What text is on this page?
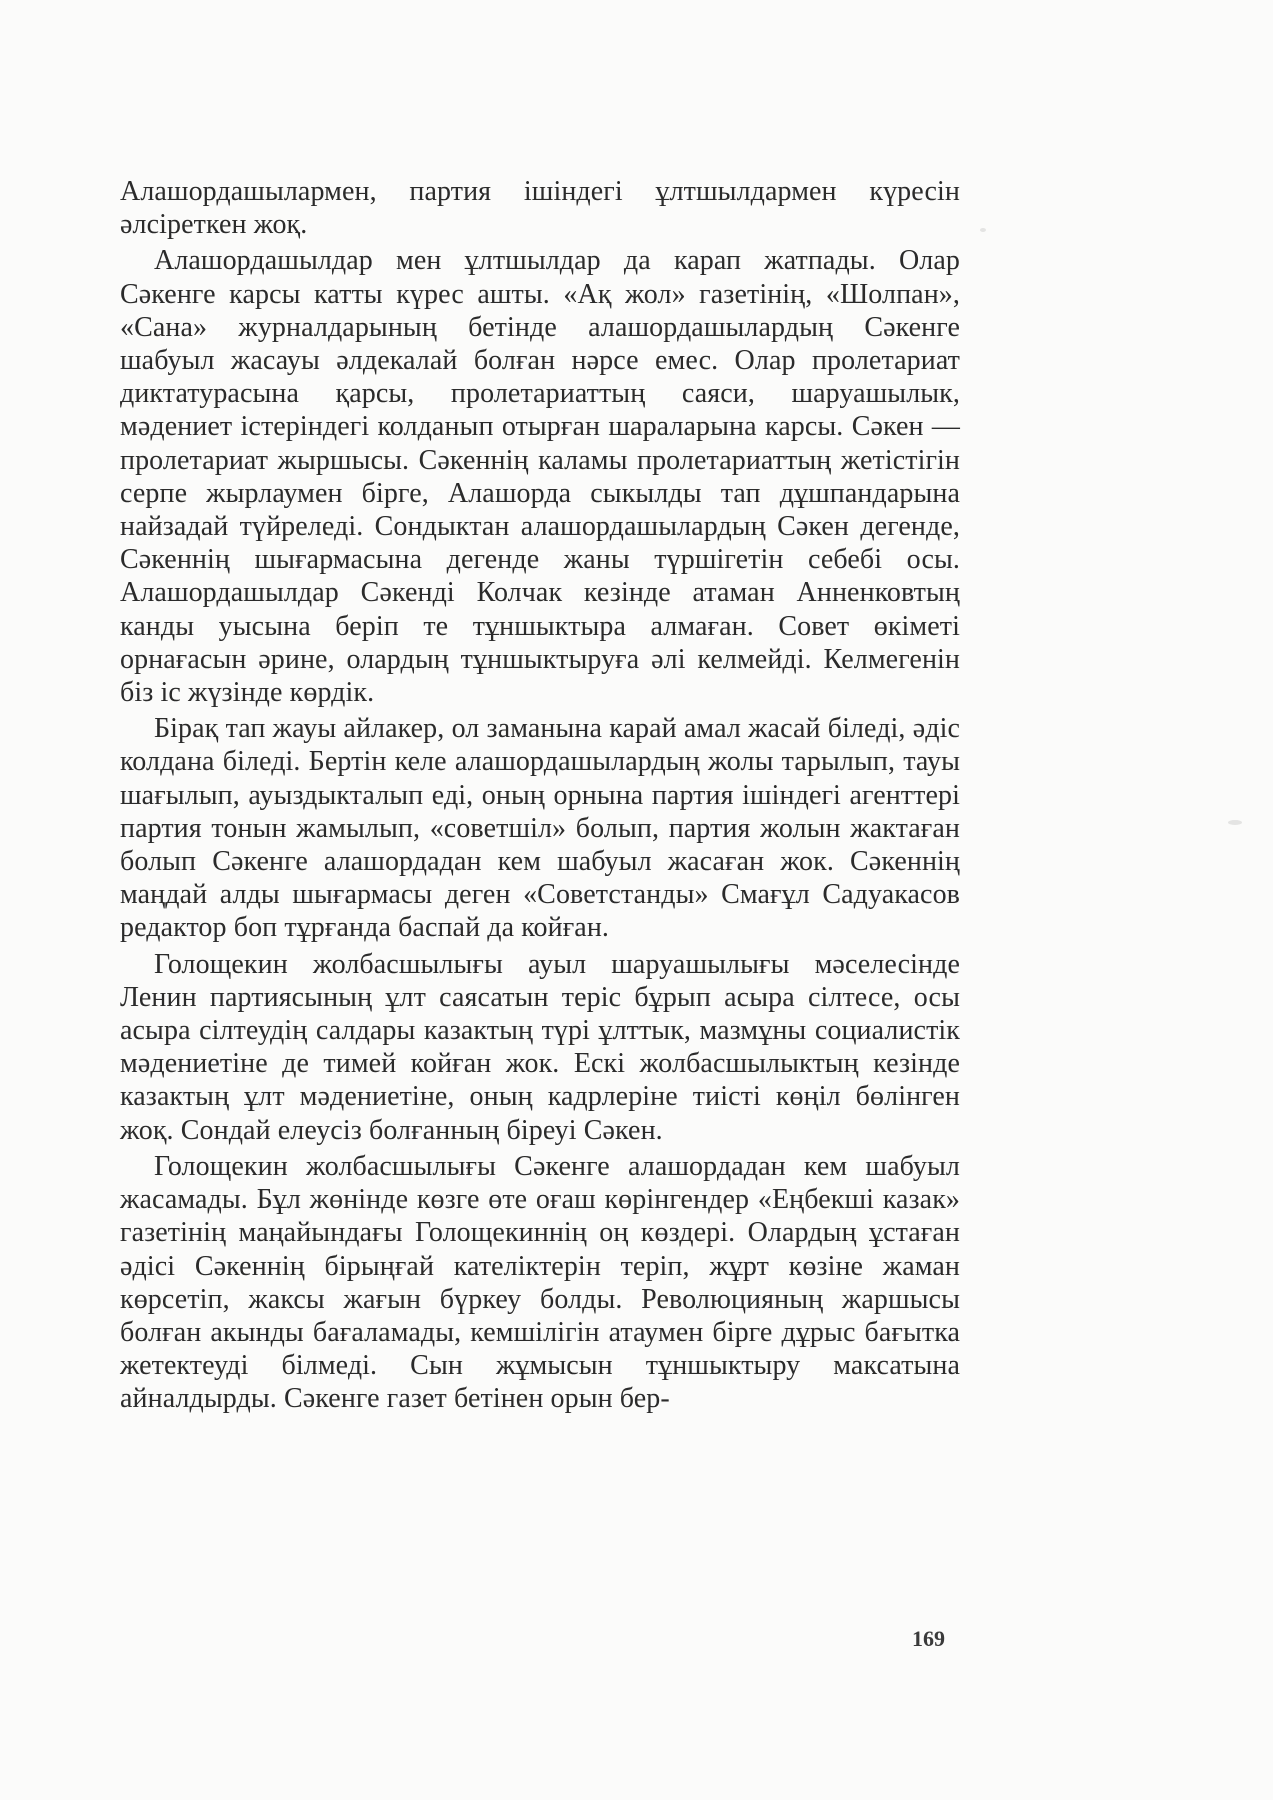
Алашордашылармен, партия ішіндегі ұлтшылдармен күресін әлсіреткен жоқ.

Алашордашылдар мен ұлтшылдар да карап жатпады. Олар Сәкенге карсы катты күрес ашты. «Ақ жол» газетінің, «Шолпан», «Сана» журналдарының бетінде алашордашылардың Сәкенге шабуыл жасауы әлдекалай болған нәрсе емес. Олар пролетариат диктатурасына қарсы, пролетариаттың саяси, шаруашылык, мәдениет істеріндегі колданып отырған шараларына карсы. Сәкен — пролетариат жыршысы. Сәкеннің каламы пролетариаттың жетістігін серпе жырлаумен бірге, Алашорда сыкылды тап дұшпандарына найзадай түйреледі. Сондыктан алашордашылардың Сәкен дегенде, Сәкеннің шығармасына дегенде жаны түршігетін себебі осы. Алашордашылдар Сәкенді Колчак кезінде атаман Анненковтың канды уысына беріп те тұншыктыра алмаған. Совет өкіметі орнағасын әрине, олардың тұншыктыруға әлі келмейді. Келмегенін біз іс жүзінде көрдік.

Бірақ тап жауы айлакер, ол заманына карай амал жасай біледі, әдіс колдана біледі. Бертін келе алашордашылардың жолы тарылып, тауы шағылып, ауыздыкталып еді, оның орнына партия ішіндегі агенттері партия тонын жамылып, «советшіл» болып, партия жолын жактаған болып Сәкенге алашордадан кем шабуыл жасаған жок. Сәкеннің маңдай алды шығармасы деген «Советстанды» Смағұл Садуакасов редактор боп тұрғанда баспай да койған.

Голощекин жолбасшылығы ауыл шаруашылығы мәселесінде Ленин партиясының ұлт саясатын теріс бұрып асыра сілтесе, осы асыра сілтеудің салдары казактың түрі ұлттык, мазмұны социалистік мәдениетіне де тимей койған жок. Ескі жолбасшылыктың кезінде казактың ұлт мәдениетіне, оның кадрлеріне тиісті көңіл бөлінген жоқ. Сондай елеусіз болғанның біреуі Сәкен.

Голощекин жолбасшылығы Сәкенге алашордадан кем шабуыл жасамады. Бұл жөнінде көзге өте оғаш көрінгендер «Еңбекші казак» газетінің маңайындағы Голощекиннің оң көздері. Олардың ұстаған әдісі Сәкеннің бірыңғай кателіктерін теріп, жұрт көзіне жаман көрсетіп, жаксы жағын бүркеу болды. Революцияның жаршысы болған акынды бағаламады, кемшілігін атаумен бірге дұрыс бағытка жетектеуді білмеді. Сын жұмысын тұншыктыру максатына айналдырды. Сәкенге газет бетінен орын бер-

169
